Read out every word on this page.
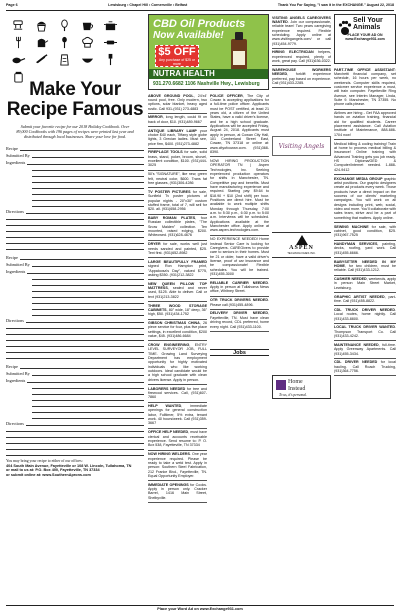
Page 6	Lewisburg • Chapel Hill • Cornersville • Belfast	Thank You For Saying, "I saw it in the EXCHANGE." August 22, 2018
Make Your
Recipe Famous
Submit your favorite recipe for our 2018 Holiday Cookbook. Over 89,000 Cookbooks with 196 pages of recipes were printed last year and distributed through local businesses. Share your love for food.
Recipe
Submitted By
Ingredients
Directions
Recipe
Submitted By
Ingredients
Directions
Recipe
Submitted By
Ingredients
Directions
You may bring your recipe to either of our offices:
404 South Main Avenue, Fayetteville or 108 W. Lincoln, Tullahoma, TN
or mail to us at: P.O. Box 400, Fayetteville, TN 37334
or submit online at: www.SouthernAprons.com
CBD Oil Products
Now Available!
$5 OFF
Any purchase of $25 or more
NUTRA HEALTH
931.270.6682 1106 Nashville Hwy., Lewisburg
ABOVE GROUND POOL, 24'x4' round pool, free. Only modern, two options, solar blanket, heavy aged rustic. Call 931-(931) 273-4883
MIRROR, long length, could fit on back of door, $10. (931)489-9667
ANTIQUE LIBRARY LAMP your choice $40 each, Tiffany style globe lights, 3 Grecian ladies. Must see, price firm, $400. (931)273-4882
FIREPLACE TOOLS for sale, solid brass, stand, poker, broom, shovel, excellent condition, $100. (931)444-3025
50's "SIGNATURE", like new, green felt, neutral color, $600. Trans fat free glasses, (931)306-4286
TV POSTER PICTURES for sale, Sunfield Tv poster pictures of popular nights - 20"x30" custom stuffed frame, total of 7, will sell for $20. all. (931)658-2956
BABY ROMAN PLATES, four Russian collectible plates, "The Snow Maiden" collection. Ten mounted, raised edging, $200. Whiteowed. (931)628-4676
DRYER for sale, works well just needs sanded and painted, $25. Text first. (931)652-8982
LARGE BEAUTIFULLY FRAMED signed Ron Hampton print, "Appaloosa's Day", valued $775, asking $350. (931)212-3822
NEW QUEEN PILLOW TOP MATTRESS, sealed and never used, $125. Able to deliver. Call or text (931)213-3822
THREE WOOD STORAGE CABINETS, 80" wide, 18" deep, 36" high, $50. (931)434-1752
GIBSON CHRISTMAS CHINA, 26 piece service for four, plus five place settings, in excellent condition, $200 value, $45. (931)486-6684
CROW ENGINEERING, ENTRY LEVEL SURVEYOR JOB, FULL TIME. Growing Land Surveying Department has employment opportunity for highly motivated individuals who like working outdoors. Ideal candidate would be a high school graduate with clean drivers license. Apply in person.
LABORERS NEEDED for tree and firewood services. Call, (931)607-7860
HELP WANTED, immediate openings for general construction labor, Fulltimer, 5% extra, tenant work. 40 hours/week. Call (931)359-3667
OFFICE HELP NEEDED, must have clerical and accounts receivable experience. Send resume to: P. O. Box 538, Fayetteville, TN 37334
NOW HIRING WELDERS. One year experience required. Please be ready to take a weld test. Apply in person: Southern Steel Fabrication, 212 Franke Blvd., Fayetteville, TN. Equal Opportunity Employer.
IMMEDIATE OPENINGS for Cooks. Apply in person only. Cracker Barrel, 1416 Main Street, Shelbyville.
POLICE OFFICER, The City of Cowan is accepting applications for a full-time police officer. Applicants must be POST certified, at least 21 years old, a citizen of the United States, have a valid driver's license, and be a high school graduate. Applications will be accepted Friday, August 24, 2018. Applicants must apply in person, at Cowan City Hall, 101 Cumberland Street East, Cowan, TN 37318 or online at: www.cityofcowan.com. (931)368-8390.
NOW HIRING PRODUCTION OPERATOR TN | Aspen Technologies, Inc. Seeking experienced production operators for shifts in Manchester, TN. Competitive pay and benefits. Must have manufacturing experience and required. Starting pay: $9.64 to $18.90 + $10 (2nd shift) per hour. Positions are direct hire. Must be available to work multiple shifts Monday through Thursday, 7:00 a.m. to 5:30 p.m., 6:30 p.m. to 5:00 a.m. Interviews will be scheduled. Applications available at the Manchester office. Apply online at www.aspen-technologies.com.
NO EXPERIENCE NEEDED! Home Instead Senior Care is looking for Caregivers. CAREGivers to provide care to seniors in their homes. Must be 21 or older, have a valid driver's license, proof of car insurance and be compassionate! Flexible schedules. You will be trained. (931)455-3000
RELIABLE CARRIER NEEDED. Apply in person at Tullahoma News office, Whitney Street.
OTR TRUCK DRIVERS NEEDED. Please call (931)455-4896.
DELIVERY DRIVER NEEDED, Fayetteville, TN. Must have clean driving record, CDL preferred, home every night. Call (931)433-1100.
VISITING ANGELS CAREGIVERS WANTED. Join our compassionate, reliable team! Two years caregiving experience required. Flexible scheduling. Apply online at www.visitingangels.com/ or call (931)454-9779.
HIRING ELECTRICIAN helpers, experienced required, plenty of work, great pay. Call (931)636-0322.
WAREHOUSE WORKERS NEEDED, forklift experience preferred, pay based on experience. Call (931)433-2285.
PART-TIME OFFICE ASSISTANT: Marchetti financial company, set schedule, 16 hours per week, no weekends. Computer skills required, customer service experience a must, will train computer. Fayetteville Ring Avenue, see Interim Manager, Linda, Suite 9. Manchester, TN 37355. No phone calls please.
Airlines are hiring - Get FAA approved hands on aviation training, financial aid for qualified students. Career placement assistance. Call Aviation Institute of Maintenance, 888-686-1704 now!
Medical billing & coding training! Train at home to process medical billing & insurance! Online training with Advanced Training gets you job ready. HS Diploma/GED & Computer/Internet needed. 1-888-424-9412
EXCHANGE MEDIA GROUP graphic artist positions. Our graphic designers create ad products every week. Those products have a direct impact on the success of our clients' marketing campaigns. You will work on all designs including print, web, social, video and more. You'll collaborate with sales team, strive and be a part of something that matters. Apply online.
SEWING MACHINE for sale, with cabinet, good condition, $25. (931)967-7525
HANDYMAN SERVICES, painting, decks, roofing, yard work. Call (931)455-6666.
BABYSITTER NEEDED IN MY HOME, for two children, must be reliable. Call (931)433-1212.
CASHIER NEEDED, weekends, apply in person Main Street Market, Lewisburg.
GRAPHIC ARTIST NEEDED, part-time. Call (931)455-8822.
CDL TRUCK DRIVER NEEDED. Local routes, home nightly. Call (931)433-8800.
LOCAL TRUCK DRIVER WANTED. Thompson Transport Co. Call (931)433-4242.
MAINTENANCE NEEDED, full-time. Apply Greenway Apartments. Call (931)455-3434.
CDL DRIVER NEEDED for local hauling. Call Roach Trucking, (931)364-7756.
Sell Your Animals
PLACE YOUR AD ON www.Exchange931.com
Visiting Angels
ASPEN
TECHNOLOGIES INC.
Home
Instead
To us, it's personal.
Jobs
Place your Word Ad on www.Exchange931.com
